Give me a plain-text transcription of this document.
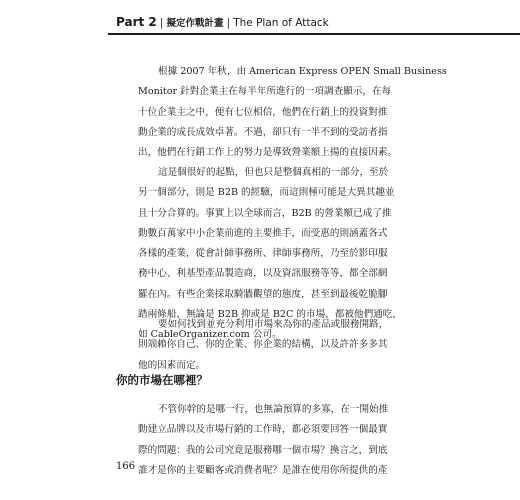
Part 2 | 擬定作戰計畫 | The Plan of Attack
根據 2007 年秋，由 American Express OPEN Small Business
Monitor 針對企業主在每半年所進行的一項調查顯示，在每
十位企業主之中，便有七位相信，他們在行銷上的投資對推
動企業的成長成效卓著。不過，卻只有一半不到的受訪者指
出，他們在行銷工作上的努力是導致營業額上揚的直接因素。
這是個很好的起點，但也只是整個真相的一部分，至於
另一個部分，則是 B2B 的經驗，而這則極可能是大異其趣並
且十分合算的。事實上以全球而言，B2B 的營業額已成了推
動數百萬家中小企業前進的主要推手，而受惠的則涵蓋各式
各樣的產業，從會計師事務所、律師事務所，乃至於影印服
務中心、利基型產品製造商，以及資訊服務等等，都全部網
羅在內。有些企業採取騎牆觀望的態度，甚至到最後乾脆腳
踏兩條船，無論是 B2B 抑或是 B2C 的市場，都被他們通吃，
如 CableOrganizer.com 公司。
要如何找到並充分利用市場來為你的產品或服務開路，
則端賴你自己、你的企業、你企業的結構，以及許許多多其
他的因素而定。
你的市場在哪裡？
不管你幹的是哪一行，也無論預算的多寡，在一開始推
動建立品牌以及市場行銷的工作時，都必須要回答一個最實
際的問題：我的公司究竟是服務哪一個市場？換言之，到底
誰才是你的主要顧客或消費者呢？是誰在使用你所提供的產
166
